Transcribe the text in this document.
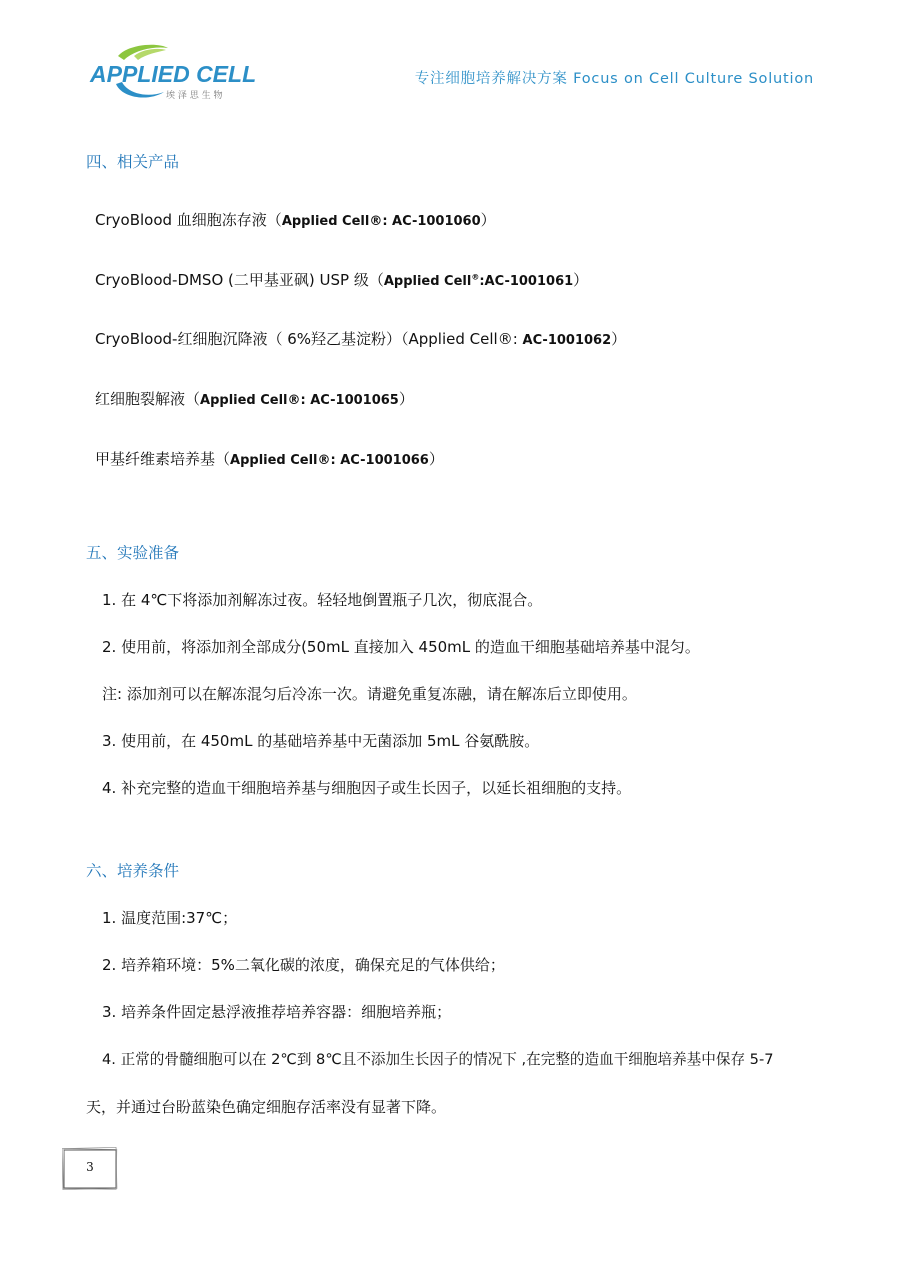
APPLIED CELL
埃 泽 思 生 物
专注细胞培养解决方案 Focus on Cell Culture Solution
四、相关产品
CryoBlood 血细胞冻存液（Applied Cell®: AC-1001060）
CryoBlood-DMSO (二甲基亚砜) USP 级（Applied Cell®:AC-1001061）
CryoBlood-红细胞沉降液（ 6%羟乙基淀粉）（Applied Cell®: AC-1001062）
红细胞裂解液（Applied Cell®: AC-1001065）
甲基纤维素培养基（Applied Cell®: AC-1001066）
五、实验准备
1. 在 4℃下将添加剂解冻过夜。轻轻地倒置瓶子几次，彻底混合。
2. 使用前，将添加剂全部成分(50mL 直接加入 450mL 的造血干细胞基础培养基中混匀。
注: 添加剂可以在解冻混匀后冷冻一次。请避免重复冻融，请在解冻后立即使用。
3. 使用前，在 450mL 的基础培养基中无菌添加 5mL 谷氨酰胺。
4. 补充完整的造血干细胞培养基与细胞因子或生长因子，以延长祖细胞的支持。
六、培养条件
1. 温度范围:37℃；
2. 培养箱环境：5%二氧化碳的浓度，确保充足的气体供给；
3. 培养条件固定悬浮液推荐培养容器：细胞培养瓶；
4. 正常的骨髓细胞可以在 2℃到 8℃且不添加生长因子的情况下 ,在完整的造血干细胞培养基中保存 5-7
天，并通过台盼蓝染色确定细胞存活率没有显著下降。
3
